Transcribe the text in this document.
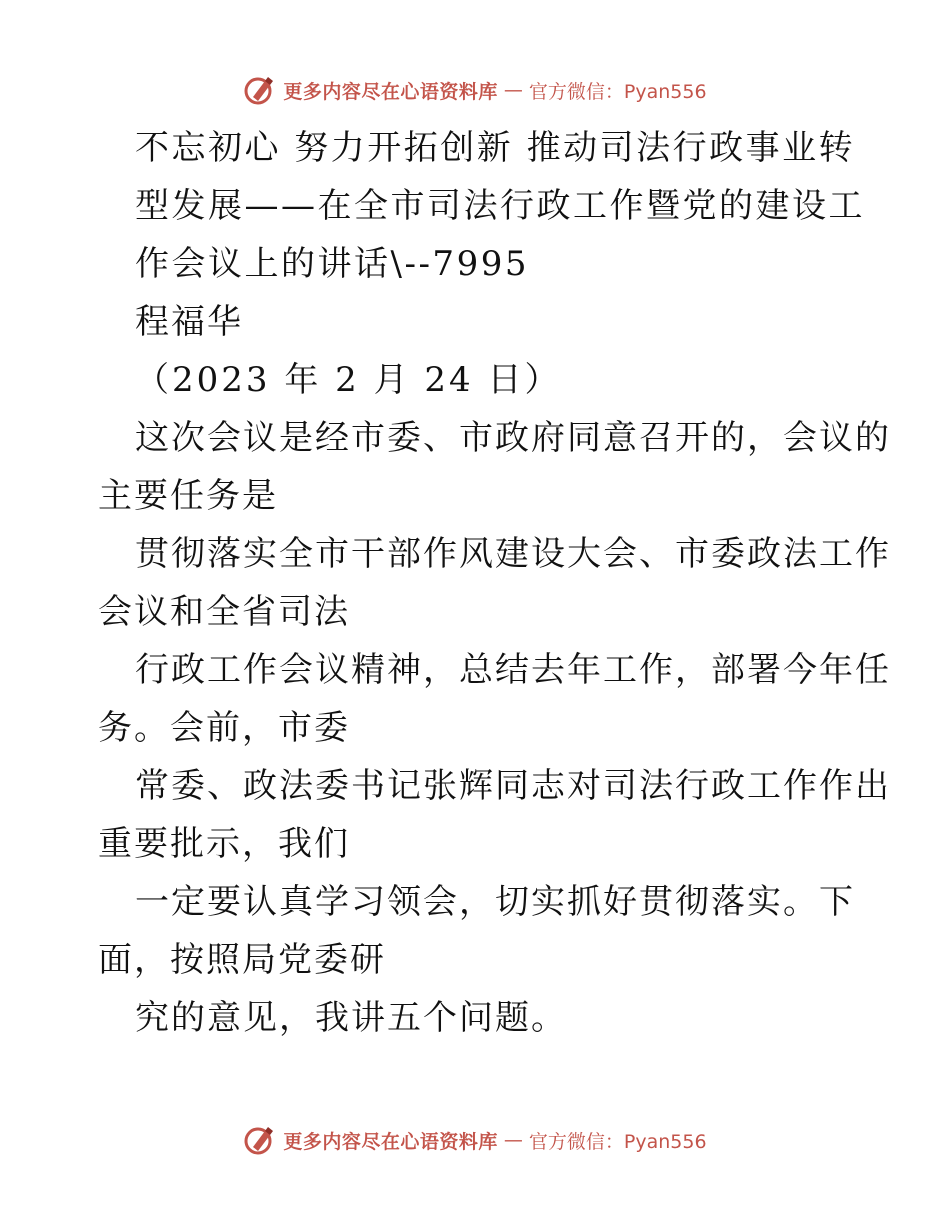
更多内容尽在心语资料库 — 官方微信：Pyan556
不忘初心 努力开拓创新 推动司法行政事业转
型发展——在全市司法行政工作暨党的建设工
作会议上的讲话\--7995
程福华
（2023 年 2 月 24 日）
这次会议是经市委、市政府同意召开的，会议的
主要任务是
贯彻落实全市干部作风建设大会、市委政法工作
会议和全省司法
行政工作会议精神，总结去年工作，部署今年任
务。会前，市委
常委、政法委书记张辉同志对司法行政工作作出
重要批示，我们
一定要认真学习领会，切实抓好贯彻落实。下
面，按照局党委研
究的意见，我讲五个问题。
更多内容尽在心语资料库 — 官方微信：Pyan556
